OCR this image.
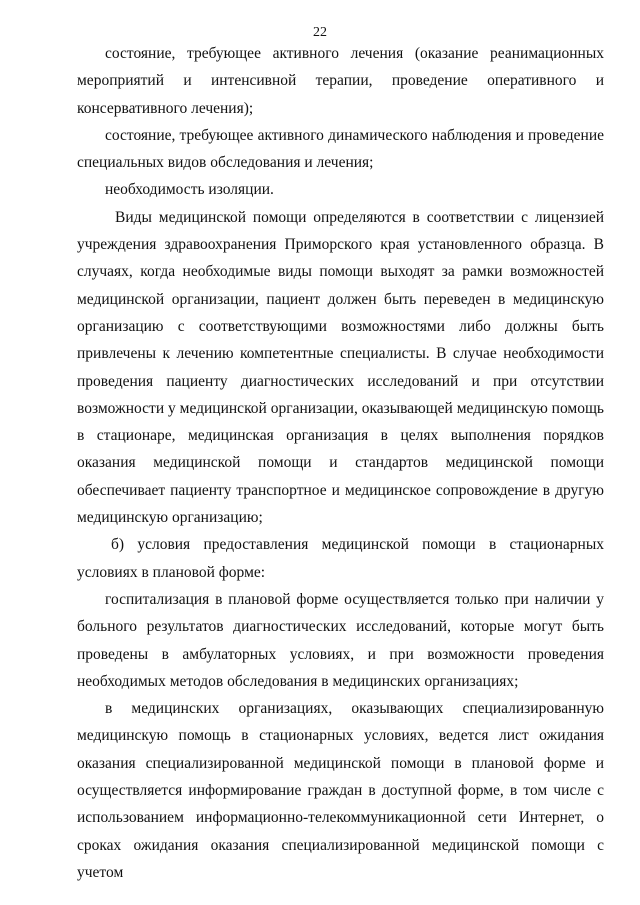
22

состояние, требующее активного лечения (оказание реанимационных мероприятий и интенсивной терапии, проведение оперативного и консервативного лечения);

состояние, требующее активного динамического наблюдения и проведение специальных видов обследования и лечения;

необходимость изоляции.

Виды медицинской помощи определяются в соответствии с лицензией учреждения здравоохранения Приморского края установленного образца. В случаях, когда необходимые виды помощи выходят за рамки возможностей медицинской организации, пациент должен быть переведен в медицинскую организацию с соответствующими возможностями либо должны быть привлечены к лечению компетентные специалисты. В случае необходимости проведения пациенту диагностических исследований и при отсутствии возможности у медицинской организации, оказывающей медицинскую помощь в стационаре, медицинская организация в целях выполнения порядков оказания медицинской помощи и стандартов медицинской помощи обеспечивает пациенту транспортное и медицинское сопровождение в другую медицинскую организацию;

б) условия предоставления медицинской помощи в стационарных условиях в плановой форме:

госпитализация в плановой форме осуществляется только при наличии у больного результатов диагностических исследований, которые могут быть проведены в амбулаторных условиях, и при возможности проведения необходимых методов обследования в медицинских организациях;

в медицинских организациях, оказывающих специализированную медицинскую помощь в стационарных условиях, ведется лист ожидания оказания специализированной медицинской помощи в плановой форме и осуществляется информирование граждан в доступной форме, в том числе с использованием информационно-телекоммуникационной сети Интернет, о сроках ожидания оказания специализированной медицинской помощи с учетом
